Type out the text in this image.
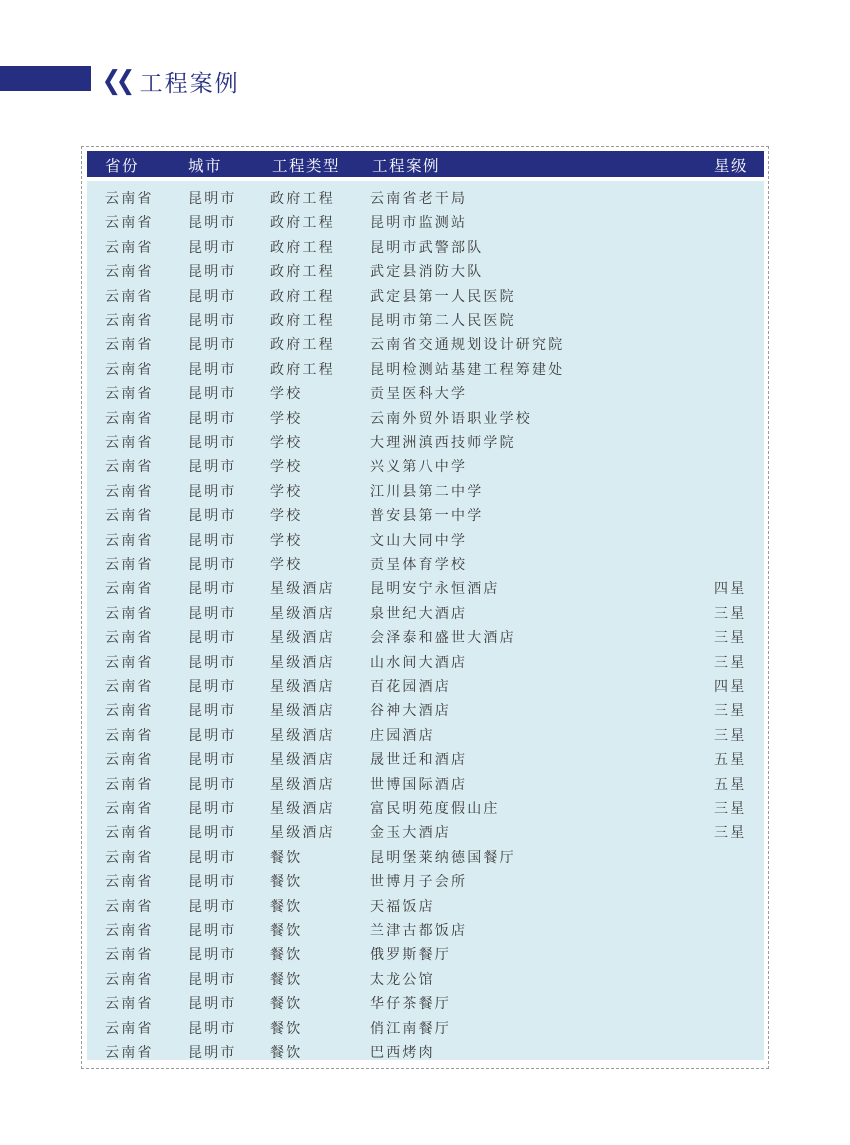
❮❮ 工程案例
省份	城市	工程类型 工程案例	星级
云南省 昆明市 政府工程	云南省老干局
云南省 昆明市 政府工程	昆明市监测站
云南省 昆明市 政府工程	昆明市武警部队
云南省 昆明市 政府工程	武定县消防大队
云南省 昆明市 政府工程	武定县第一人民医院
云南省 昆明市 政府工程	昆明市第二人民医院
云南省 昆明市 政府工程	云南省交通规划设计研究院
云南省 昆明市 政府工程	昆明检测站基建工程筹建处
云南省 昆明市 学校	贡呈医科大学
云南省 昆明市 学校	云南外贸外语职业学校
云南省 昆明市 学校	大理洲滇西技师学院
云南省 昆明市 学校	兴义第八中学
云南省 昆明市 学校	江川县第二中学
云南省 昆明市 学校	普安县第一中学
云南省 昆明市 学校	文山大同中学
云南省 昆明市 学校	贡呈体育学校
云南省 昆明市 星级酒店	昆明安宁永恒酒店	四星
云南省 昆明市 星级酒店	泉世纪大酒店	三星
云南省 昆明市 星级酒店	会泽泰和盛世大酒店	三星
云南省 昆明市 星级酒店	山水间大酒店	三星
云南省 昆明市 星级酒店	百花园酒店	四星
云南省 昆明市 星级酒店	谷神大酒店	三星
云南省 昆明市 星级酒店	庄园酒店	三星
云南省 昆明市 星级酒店	晟世迁和酒店	五星
云南省 昆明市 星级酒店	世博国际酒店	五星
云南省 昆明市 星级酒店	富民明苑度假山庄	三星
云南省 昆明市 星级酒店	金玉大酒店	三星
云南省 昆明市 餐饮	昆明堡莱纳德国餐厅
云南省 昆明市 餐饮	世博月子会所
云南省 昆明市 餐饮	天福饭店
云南省 昆明市 餐饮	兰津古都饭店
云南省 昆明市 餐饮	俄罗斯餐厅
云南省 昆明市 餐饮	太龙公馆
云南省 昆明市 餐饮	华仔茶餐厅
云南省 昆明市 餐饮	俏江南餐厅
云南省 昆明市 餐饮	巴西烤肉
